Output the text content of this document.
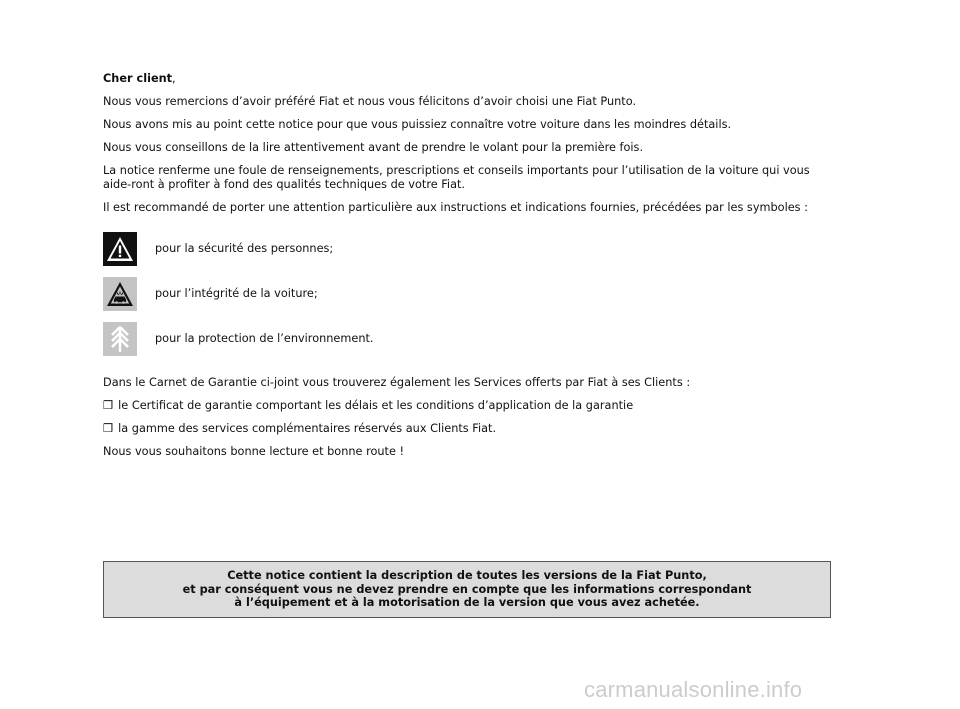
Cher client,

Nous vous remercions d’avoir préféré Fiat et nous vous félicitons d’avoir choisi une Fiat Punto.

Nous avons mis au point cette notice pour que vous puissiez connaître votre voiture dans les moindres détails.

Nous vous conseillons de la lire attentivement avant de prendre le volant pour la première fois.

La notice renferme une foule de renseignements, prescriptions et conseils importants pour l’utilisation de la voiture qui vous aide-ront à profiter à fond des qualités techniques de votre Fiat.

Il est recommandé de porter une attention particulière aux instructions et indications fournies, précédées par les symboles :

pour la sécurité des personnes;
pour l’intégrité de la voiture;
pour la protection de l’environnement.

Dans le Carnet de Garantie ci-joint vous trouverez également les Services offerts par Fiat à ses Clients :

❒ le Certificat de garantie comportant les délais et les conditions d’application de la garantie

❒ la gamme des services complémentaires réservés aux Clients Fiat.

Nous vous souhaitons bonne lecture et bonne route !

Cette notice contient la description de toutes les versions de la Fiat Punto,
et par conséquent vous ne devez prendre en compte que les informations correspondant
à l’équipement et à la motorisation de la version que vous avez achetée.
carmanualsonline.info
